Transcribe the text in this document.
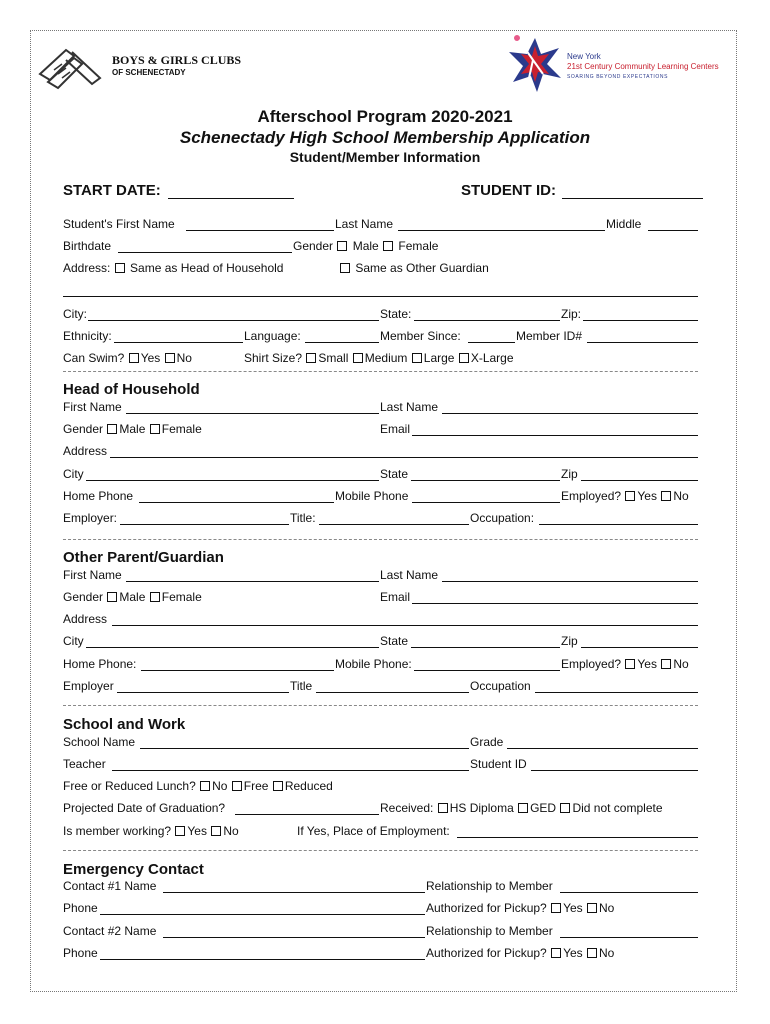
BOYS & GIRLS CLUBS
OF SCHENECTADY
New York
21st Century Community Learning Centers
SOARING BEYOND EXPECTATIONS
Afterschool Program 2020-2021
Schenectady High School Membership Application
Student/Member Information
START DATE:	STUDENT ID:
Student's First Name	Last Name	Middle
Birthdate	Gender Male Female
Address: Same as Head of Household	Same as Other Guardian
City:	State:	Zip:
Ethnicity:	Language:	Member Since:	Member ID#
Can Swim? Yes No	Shirt Size? Small Medium Large X-Large
Head of Household
First Name	Last Name
Gender Male Female	Email
Address
City	State	Zip
Home Phone	Mobile Phone	Employed? Yes No
Employer:	Title:	Occupation:
Other Parent/Guardian
First Name	Last Name
Gender Male Female	Email
Address
City	State	Zip
Home Phone:	Mobile Phone:	Employed? Yes No
Employer	Title	Occupation
School and Work
School Name	Grade
Teacher	Student ID
Free or Reduced Lunch? No Free Reduced
Projected Date of Graduation?	Received: HS Diploma GED Did not complete
Is member working? Yes No	If Yes, Place of Employment:
Emergency Contact
Contact #1 Name	Relationship to Member
Phone	Authorized for Pickup? Yes No
Contact #2 Name	Relationship to Member
Phone	Authorized for Pickup? Yes No
